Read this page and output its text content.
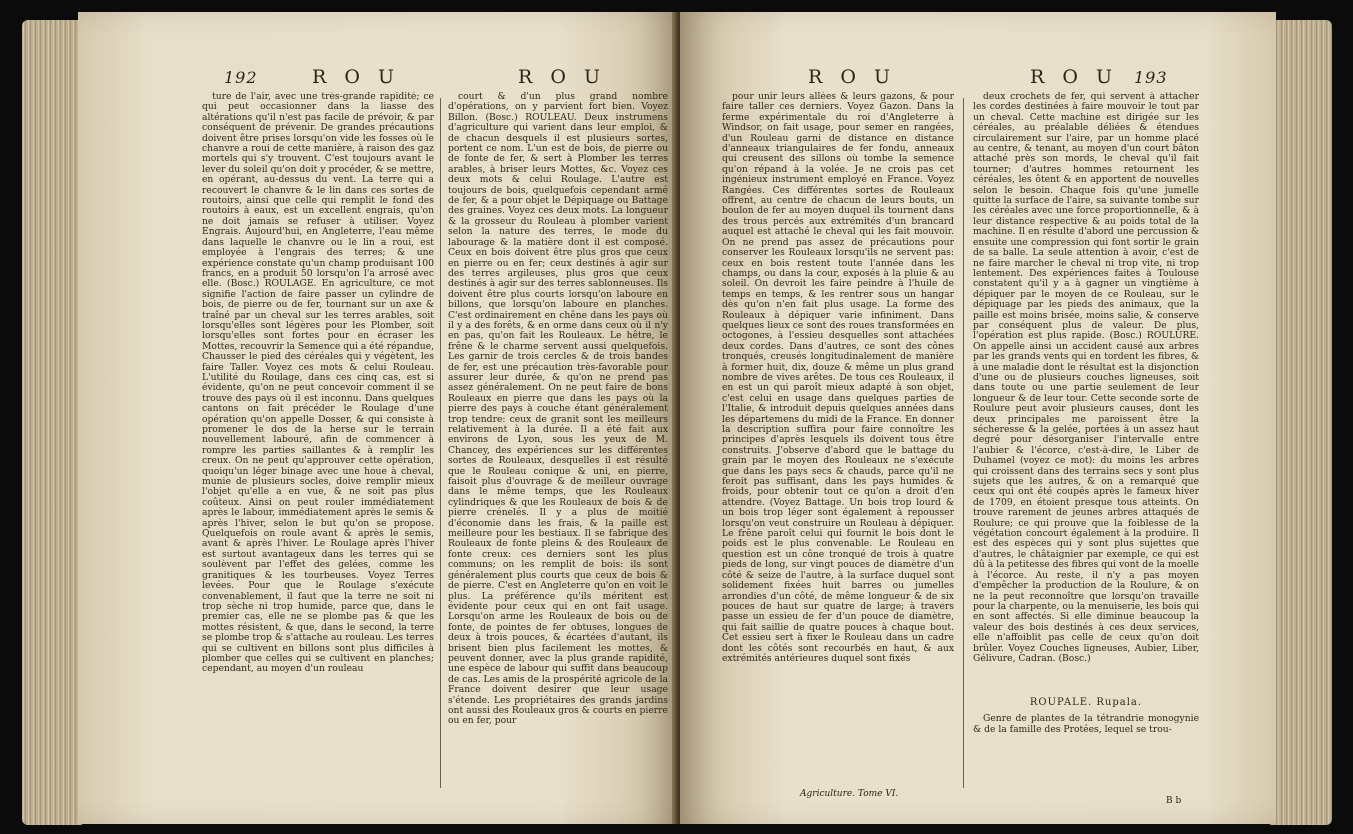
192	R O U	R O U

ture de l'air, avec une très-grande rapidité; ce qui peut occasionner dans la liasse des altérations qu'il n'est pas facile de prévoir, & par conséquent de prévenir. De grandes précautions doivent être prises lorsqu'on vide les fosses où le chanvre a roui de cette manière, à raison des gaz mortels qui s'y trouvent. C'est toujours avant le lever du soleil qu'on doit y procéder, & se mettre, en opérant, au-dessus du vent. La terre qui a recouvert le chanvre & le lin dans ces sortes de routoirs, ainsi que celle qui remplit le fond des routoirs à eaux, est un excellent engrais, qu'on ne doit jamais se refuser à utiliser. Voyez Engrais. Aujourd'hui, en Angleterre, l'eau même dans laquelle le chanvre ou le lin a roui, est employée à l'engrais des terres; & une expérience constate qu'un champ produisant 100 francs, en a produit 50 lorsqu'on l'a arrosé avec elle. (Bosc.) ROULAGE. En agriculture, ce mot signifie l'action de faire passer un cylindre de bois, de pierre ou de fer, tournant sur un axe & traîné par un cheval sur les terres arables, soit lorsqu'elles sont légères pour les Plomber, soit lorsqu'elles sont fortes pour en écraser les Mottes, recouvrir la Semence qui a été répandue, Chausser le pied des céréales qui y végètent, les faire Taller. Voyez ces mots & celui Rouleau. L'utilité du Roulage, dans ces cinq cas, est si évidente, qu'on ne peut concevoir comment il se trouve des pays où il est inconnu. Dans quelques cantons on fait précéder le Roulage d'une opération qu'on appelle Dosser, & qui consiste à promener le dos de la herse sur le terrain nouvellement labouré, afin de commencer à rompre les parties saillantes & à remplir les creux. On ne peut qu'approuver cette opération, quoiqu'un léger binage avec une houe à cheval, munie de plusieurs socles, doive remplir mieux l'objet qu'elle a en vue, & ne soit pas plus coûteux. Ainsi on peut rouler immédiatement après le labour, immédiatement après le semis & après l'hiver, selon le but qu'on se propose. Quelquefois on roule avant & après le semis, avant & après l'hiver. Le Roulage après l'hiver est surtout avantageux dans les terres qui se soulèvent par l'effet des gelées, comme les granitiques & les tourbeuses. Voyez Terres levées. Pour que le Roulage s'exécute convenablement, il faut que la terre ne soit ni trop sèche ni trop humide, parce que, dans le premier cas, elle ne se plombe pas & que les mottes résistent, & que, dans le second, la terre se plombe trop & s'attache au rouleau. Les terres qui se cultivent en billons sont plus difficiles à plomber que celles qui se cultivent en planches; cependant, au moyen d'un rouleau

court & d'un plus grand nombre d'opérations, on y parvient fort bien. Voyez Billon. (Bosc.) ROULEAU. Deux instrumens d'agriculture qui varient dans leur emploi, & de chacun desquels il est plusieurs sortes, portent ce nom. L'un est de bois, de pierre ou de fonte de fer, & sert à Plomber les terres arables, à briser leurs Mottes, &c. Voyez ces deux mots & celui Roulage. L'autre est toujours de bois, quelquefois cependant armé de fer, & a pour objet le Dépiquage ou Battage des graines. Voyez ces deux mots. La longueur & la grosseur du Rouleau à plomber varient selon la nature des terres, le mode du labourage & la matière dont il est composé. Ceux en bois doivent être plus gros que ceux en pierre ou en fer; ceux destinés à agir sur des terres argileuses, plus gros que ceux destinés à agir sur des terres sablonneuses. Ils doivent être plus courts lorsqu'on laboure en billons, que lorsqu'on laboure en planches. C'est ordinairement en chêne dans les pays où il y a des forêts, & en orme dans ceux où il n'y en pas, qu'on fait les Rouleaux. Le hêtre, le frêne & le charme servent aussi quelquefois. Les garnir de trois cercles & de trois bandes de fer, est une précaution très-favorable pour assurer leur durée, & qu'on ne prend pas assez généralement. On ne peut faire de bons Rouleaux en pierre que dans les pays où la pierre des pays à couche étant généralement trop tendre: ceux de granit sont les meilleurs relativement à la durée. Il a été fait aux environs de Lyon, sous les yeux de M. Chancey, des expériences sur les différentes sortes de Rouleaux, desquelles il est résulté que le Rouleau conique & uni, en pierre, faisoit plus d'ouvrage & de meilleur ouvrage dans le même temps, que les Rouleaux cylindriques & que les Rouleaux de bois & de pierre crénelés. Il y a plus de moitié d'économie dans les frais, & la paille est meilleure pour les bestiaux. Il se fabrique des Rouleaux de fonte pleins & des Rouleaux de fonte creux: ces derniers sont les plus communs; on les remplit de bois: ils sont généralement plus courts que ceux de bois & de pierre. C'est en Angleterre qu'on en voit le plus. La préférence qu'ils méritent est évidente pour ceux qui en ont fait usage. Lorsqu'on arme les Rouleaux de bois ou de fonte, de pointes de fer obtuses, longues de deux à trois pouces, & écartées d'autant, ils brisent bien plus facilement les mottes, & peuvent donner, avec la plus grande rapidité, une espèce de labour qui suffit dans beaucoup de cas. Les amis de la prospérité agricole de la France doivent desirer que leur usage s'étende. Les propriétaires des grands jardins ont aussi des Rouleaux gros & courts en pierre ou en fer, pour

R O U	R O U 193

pour unir leurs allées & leurs gazons, & pour faire taller ces derniers. Voyez Gazon. Dans la ferme expérimentale du roi d'Angleterre à Windsor, on fait usage, pour semer en rangées, d'un Rouleau garni de distance en distance d'anneaux triangulaires de fer fondu, anneaux qui creusent des sillons où tombe la semence qu'on répand à la volée. Je ne crois pas cet ingénieux instrument employé en France. Voyez Rangées. Ces différentes sortes de Rouleaux offrent, au centre de chacun de leurs bouts, un boulon de fer au moyen duquel ils tournent dans des trous percés aux extrémités d'un brancard auquel est attaché le cheval qui les fait mouvoir. On ne prend pas assez de précautions pour conserver les Rouleaux lorsqu'ils ne servent pas: ceux en bois restent toute l'année dans les champs, ou dans la cour, exposés à la pluie & au soleil. On devroit les faire peindre à l'huile de temps en temps, & les rentrer sous un hangar dès qu'on n'en fait plus usage. La forme des Rouleaux à dépiquer varie infiniment. Dans quelques lieux ce sont des roues transformées en octogones, à l'essieu desquelles sont attachées deux cordes. Dans d'autres, ce sont des cônes tronqués, creusés longitudinalement de manière à former huit, dix, douze & même un plus grand nombre de vives arêtes. De tous ces Rouleaux, il en est un qui paroît mieux adapté à son objet, c'est celui en usage dans quelques parties de l'Italie, & introduit depuis quelques années dans les départemens du midi de la France. En donner la description suffira pour faire connoître les principes d'après lesquels ils doivent tous être construits. J'observe d'abord que le battage du grain par le moyen des Rouleaux ne s'exécute que dans les pays secs & chauds, parce qu'il ne feroit pas suffisant, dans les pays humides & froids, pour obtenir tout ce qu'on a droit d'en attendre. (Voyez Battage. Un bois trop lourd & un bois trop léger sont également à repousser lorsqu'on veut construire un Rouleau à dépiquer. Le frêne paroît celui qui fournit le bois dont le poids est le plus convenable. Le Rouleau en question est un cône tronqué de trois à quatre pieds de long, sur vingt pouces de diamètre d'un côté & seize de l'autre, à la surface duquel sont solidement fixées huit barres ou jumelles arrondies d'un côté, de même longueur & de six pouces de haut sur quatre de large; à travers passe un essieu de fer d'un pouce de diamètre, qui fait saillie de quatre pouces à chaque bout. Cet essieu sert à fixer le Rouleau dans un cadre dont les côtés sont recourbés en haut, & aux extrémités antérieures duquel sont fixés

deux crochets de fer, qui servent à attacher les cordes destinées à faire mouvoir le tout par un cheval. Cette machine est dirigée sur les céréales, au préalable déliées & étendues circulairement sur l'aire, par un homme placé au centre, & tenant, au moyen d'un court bâton attaché près son mords, le cheval qu'il fait tourner; d'autres hommes retournent les céréales, les ôtent & en apportent de nouvelles selon le besoin. Chaque fois qu'une jumelle quitte la surface de l'aire, sa suivante tombe sur les céréales avec une force proportionnelle, & à leur distance respective & au poids total de la machine. Il en résulte d'abord une percussion & ensuite une compression qui font sortir le grain de sa balle. La seule attention à avoir, c'est de ne faire marcher le cheval ni trop vite, ni trop lentement. Des expériences faites à Toulouse constatent qu'il y a à gagner un vingtième à dépiquer par le moyen de ce Rouleau, sur le dépiquage par les pieds des animaux, que la paille est moins brisée, moins salie, & conserve par conséquent plus de valeur. De plus, l'opération est plus rapide. (Bosc.) ROULURE. On appelle ainsi un accident causé aux arbres par les grands vents qui en tordent les fibres, & à une maladie dont le résultat est la disjonction d'une ou de plusieurs couches ligneuses, soit dans toute ou une partie seulement de leur longueur & de leur tour. Cette seconde sorte de Roulure peut avoir plusieurs causes, dont les deux principales me paroissent être la sécheresse & la gelée, portées à un assez haut degré pour désorganiser l'intervalle entre l'aubier & l'écorce, c'est-à-dire, le Liber de Duhamel (voyez ce mot): du moins les arbres qui croissent dans des terrains secs y sont plus sujets que les autres, & on a remarqué que ceux qui ont été coupés après le fameux hiver de 1709, en étoient presque tous atteints. On trouve rarement de jeunes arbres attaqués de Roulure; ce qui prouve que la foiblesse de la végétation concourt également à la produire. Il est des espèces qui y sont plus sujettes que d'autres, le châtaignier par exemple, ce qui est dû à la petitesse des fibres qui vont de la moelle à l'écorce. Au reste, il n'y a pas moyen d'empêcher la production de la Roulure, & on ne la peut reconnoître que lorsqu'on travaille pour la charpente, ou la menuiserie, les bois qui en sont affectés. Si elle diminue beaucoup la valeur des bois destinés à ces deux services, elle n'affoiblit pas celle de ceux qu'on doit brûler. Voyez Couches ligneuses, Aubier, Liber, Gélivure, Cadran. (Bosc.)

ROUPALE. Rupala.

Genre de plantes de la tétrandrie monogynie & de la famille des Protées, lequel se trou-

Agriculture. Tome VI.
B b
